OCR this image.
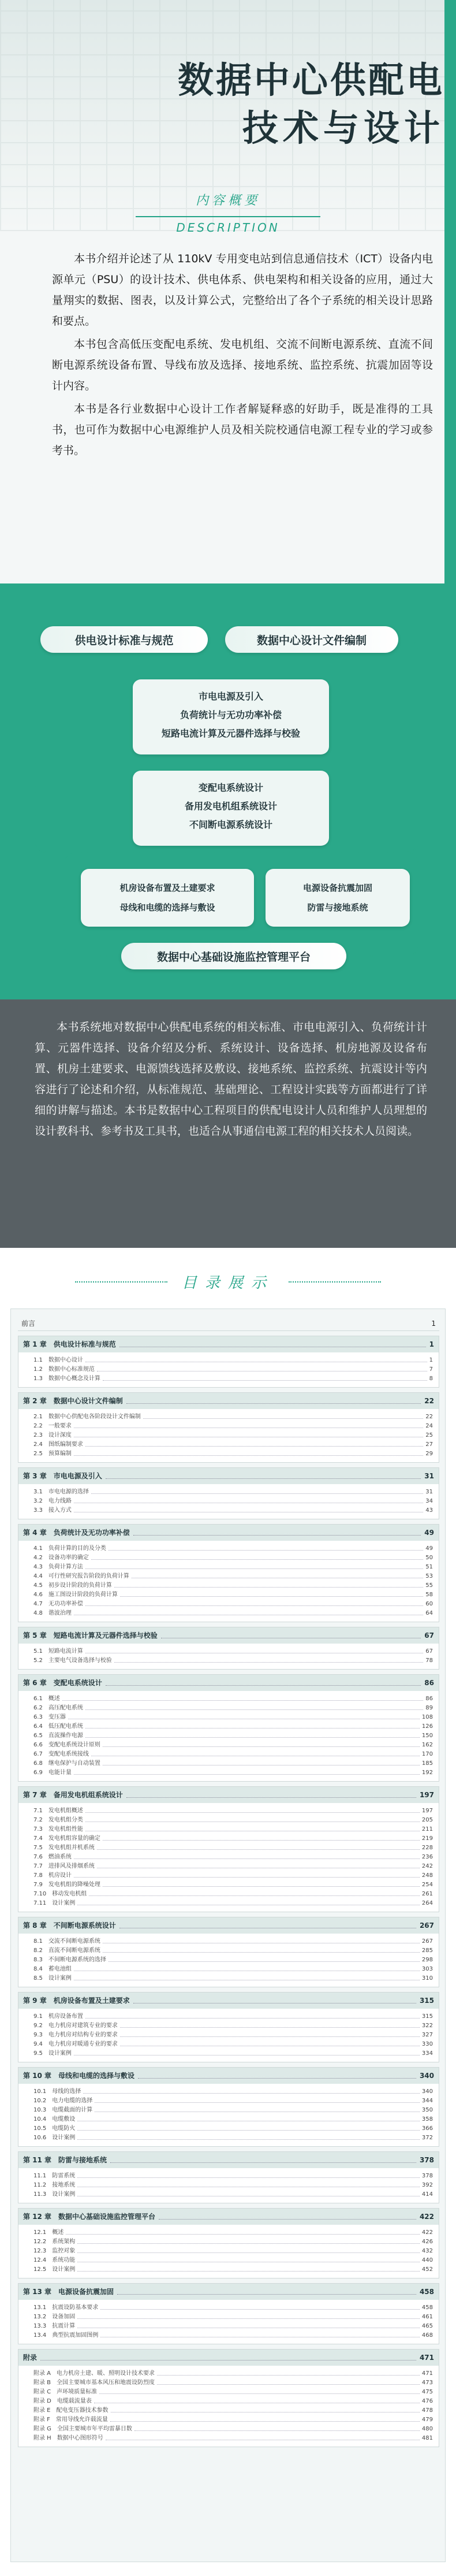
数据中心供配电
技术与设计
内容概要
DESCRIPTION

本书介绍并论述了从 110kV 专用变电站到信息通信技术（ICT）设备内电源单元（PSU）的设计技术、供电体系、供电架构和相关设备的应用，通过大量翔实的数据、图表，以及计算公式，完整给出了各个子系统的相关设计思路和要点。

本书包含高低压变配电系统、发电机组、交流不间断电源系统、直流不间断电源系统设备布置、导线布放及选择、接地系统、监控系统、抗震加固等设计内容。

本书是各行业数据中心设计工作者解疑释惑的好助手，既是准得的工具书，也可作为数据中心电源维护人员及相关院校通信电源工程专业的学习或参考书。

供电设计标准与规范	数据中心设计文件编制
市电电源及引入
负荷统计与无功功率补偿
短路电流计算及元器件选择与校验
变配电系统设计
备用发电机组系统设计
不间断电源系统设计
机房设备布置及土建要求
母线和电缆的选择与敷设
电源设备抗震加固
防雷与接地系统
数据中心基础设施监控管理平台

本书系统地对数据中心供配电系统的相关标准、市电电源引入、负荷统计计算、元器件选择、设备介绍及分析、系统设计、设备选择、机房地源及设备布置、机房土建要求、电源馈线选择及敷设、接地系统、监控系统、抗震设计等内容进行了论述和介绍，从标准规范、基础理论、工程设计实践等方面都进行了详细的讲解与描述。本书是数据中心工程项目的供配电设计人员和维护人员理想的设计教科书、参考书及工具书，也适合从事通信电源工程的相关技术人员阅读。

目录展示
前言	1
第 1 章　供电设计标准与规范	1
1.1　数据中心设计	1
1.2　数据中心标准规范	7
1.3　数据中心概念及计算	8
第 2 章　数据中心设计文件编制	22
2.1　数据中心供配电各阶段设计文件编制	22
2.2　一般要求	24
2.3　设计深度	25
2.4　图纸编制要求	27
2.5　预算编制	29
第 3 章　市电电源及引入	31
3.1　市电电源的选择	31
3.2　电力线路	34
3.3　接入方式	43
第 4 章　负荷统计及无功功率补偿	49
4.1　负荷计算的目的及分类	49
4.2　设备功率的确定	50
4.3　负荷计算方法	51
4.4　可行性研究报告阶段的负荷计算	53
4.5　初步设计阶段的负荷计算	55
4.6　施工图设计阶段的负荷计算	58
4.7　无功功率补偿	60
4.8　谐波治理	64
第 5 章　短路电流计算及元器件选择与校验	67
5.1　短路电流计算	67
5.2　主要电气设备选择与校验	78
第 6 章　变配电系统设计	86
6.1　概述	86
6.2　高压配电系统	89
6.3　变压器	108
6.4　低压配电系统	126
6.5　直流操作电源	150
6.6　变配电系统设计原则	162
6.7　变配电系统接线	170
6.8　继电保护与自动装置	185
6.9　电能计量	192
第 7 章　备用发电机组系统设计	197
7.1　发电机组概述	197
7.2　发电机组分类	205
7.3　发电机组性能	211
7.4　发电机组容量的确定	219
7.5　发电机组并机系统	228
7.6　燃油系统	236
7.7　进排风及排烟系统	242
7.8　机房设计	248
7.9　发电机组的降噪处理	254
7.10　移动发电机组	261
7.11　设计案例	264
第 8 章　不间断电源系统设计	267
8.1　交流不间断电源系统	267
8.2　直流不间断电源系统	285
8.3　不间断电源系统的选择	298
8.4　蓄电池组	303
8.5　设计案例	310
第 9 章　机房设备布置及土建要求	315
9.1　机房设备布置	315
9.2　电力机房对建筑专业的要求	322
9.3　电力机房对结构专业的要求	327
9.4　电力机房对暖通专业的要求	330
9.5　设计案例	334
第 10 章　母线和电缆的选择与敷设	340
10.1　母线的选择	340
10.2　电力电缆的选择	344
10.3　电缆截面的计算	350
10.4　电缆敷设	358
10.5　电缆防火	366
10.6　设计案例	372
第 11 章　防雷与接地系统	378
11.1　防雷系统	378
11.2　接地系统	392
11.3　设计案例	414
第 12 章　数据中心基础设施监控管理平台	422
12.1　概述	422
12.2　系统架构	426
12.3　监控对象	432
12.4　系统功能	440
12.5　设计案例	452
第 13 章　电源设备抗震加固	458
13.1　抗震设防基本要求	458
13.2　设备加固	461
13.3　抗震计算	465
13.4　典型抗震加固图例	468
附录	471
附录 A　电力机房土建、暖、照明设计技术要求	471
附录 B　全国主要城市基本风压和地震设防烈度	473
附录 C　声环境质量标准	475
附录 D　电缆载流量表	476
附录 E　配电变压器技术参数	478
附录 F　常用导线允许载流量	479
附录 G　全国主要城市年平均雷暴日数	480
附录 H　数据中心图形符号	481
